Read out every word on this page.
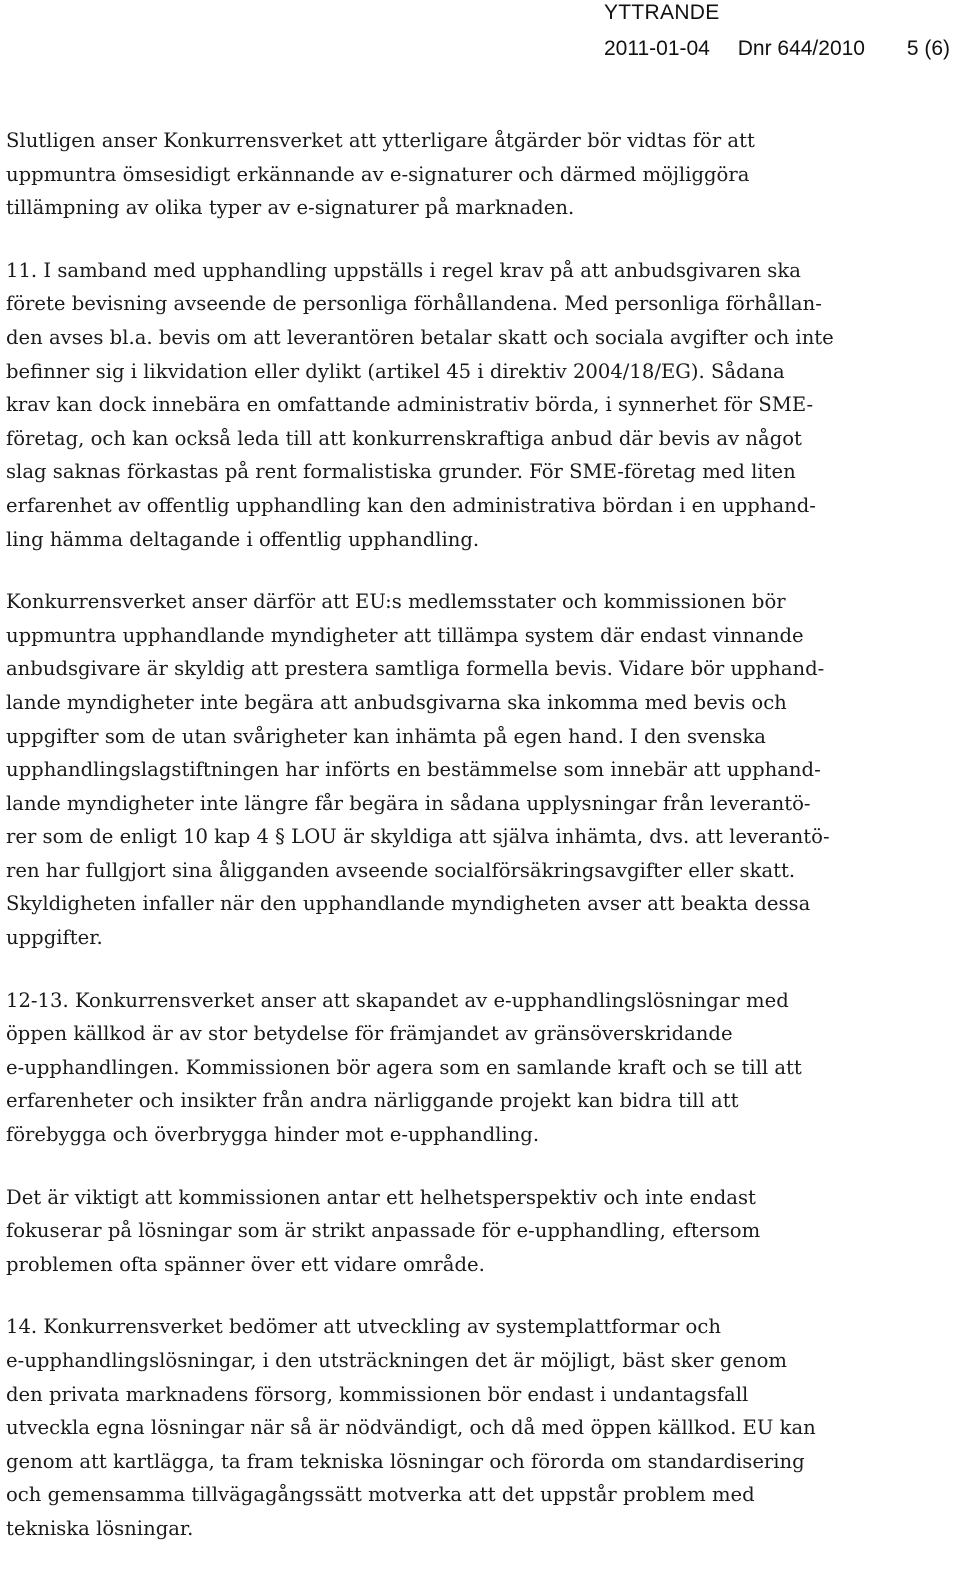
YTTRANDE
2011-01-04 Dnr 644/2010 5 (6)
Slutligen anser Konkurrensverket att ytterligare åtgärder bör vidtas för att
uppmuntra ömsesidigt erkännande av e-signaturer och därmed möjliggöra
tillämpning av olika typer av e-signaturer på marknaden.
11. I samband med upphandling uppställs i regel krav på att anbudsgivaren ska
förete bevisning avseende de personliga förhållandena. Med personliga förhållan-
den avses bl.a. bevis om att leverantören betalar skatt och sociala avgifter och inte
befinner sig i likvidation eller dylikt (artikel 45 i direktiv 2004/18/EG). Sådana
krav kan dock innebära en omfattande administrativ börda, i synnerhet för SME-
företag, och kan också leda till att konkurrenskraftiga anbud där bevis av något
slag saknas förkastas på rent formalistiska grunder. För SME-företag med liten
erfarenhet av offentlig upphandling kan den administrativa bördan i en upphand-
ling hämma deltagande i offentlig upphandling.
Konkurrensverket anser därför att EU:s medlemsstater och kommissionen bör
uppmuntra upphandlande myndigheter att tillämpa system där endast vinnande
anbudsgivare är skyldig att prestera samtliga formella bevis. Vidare bör upphand-
lande myndigheter inte begära att anbudsgivarna ska inkomma med bevis och
uppgifter som de utan svårigheter kan inhämta på egen hand. I den svenska
upphandlingslagstiftningen har införts en bestämmelse som innebär att upphand-
lande myndigheter inte längre får begära in sådana upplysningar från leverantö-
rer som de enligt 10 kap 4 § LOU är skyldiga att själva inhämta, dvs. att leverantö-
ren har fullgjort sina åligganden avseende socialförsäkringsavgifter eller skatt.
Skyldigheten infaller när den upphandlande myndigheten avser att beakta dessa
uppgifter.
12-13. Konkurrensverket anser att skapandet av e-upphandlingslösningar med
öppen källkod är av stor betydelse för främjandet av gränsöverskridande
e-upphandlingen. Kommissionen bör agera som en samlande kraft och se till att
erfarenheter och insikter från andra närliggande projekt kan bidra till att
förebygga och överbrygga hinder mot e-upphandling.
Det är viktigt att kommissionen antar ett helhetsperspektiv och inte endast
fokuserar på lösningar som är strikt anpassade för e-upphandling, eftersom
problemen ofta spänner över ett vidare område.
14. Konkurrensverket bedömer att utveckling av systemplattformar och
e-upphandlingslösningar, i den utsträckningen det är möjligt, bäst sker genom
den privata marknadens försorg, kommissionen bör endast i undantagsfall
utveckla egna lösningar när så är nödvändigt, och då med öppen källkod. EU kan
genom att kartlägga, ta fram tekniska lösningar och förorda om standardisering
och gemensamma tillvägagångssätt motverka att det uppstår problem med
tekniska lösningar.
